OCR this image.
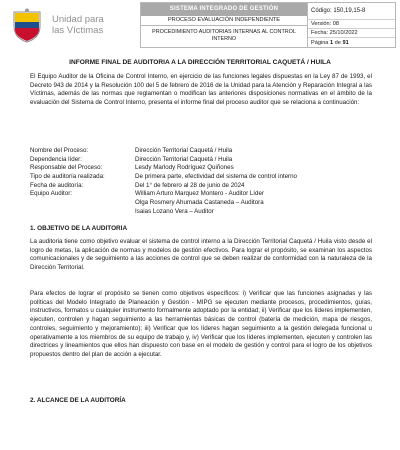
Unidad para
las Víctimas
SISTEMA INTEGRADO DE GESTIÓN
PROCESO EVALUACIÓN INDEPENDIENTE
PROCEDIMIENTO AUDITORIAS INTERNAS AL CONTROL INTERNO
Código: 150,19,15-8
Versión: 08
Fecha: 25/10/2022
Página 1 de 91
INFORME FINAL DE AUDITORIA A LA DIRECCIÓN TERRITORIAL CAQUETÁ / HUILA
El Equipo Auditor de la Oficina de Control Interno, en ejercicio de las funciones legales dispuestas en la Ley 87 de 1993, el Decreto 943 de 2014 y la Resolución 100 del 5 de febrero de 2016 de la Unidad para la Atención y Reparación Integral a las Víctimas, además de las normas que reglamentan o modifican las anteriores disposiciones normativas en el ámbito de la evaluación del Sistema de Control Interno, presenta el informe final del proceso auditor que se relaciona a continuación:
Nombre del Proceso:	Dirección Territorial Caquetá / Huila
Dependencia líder:	Dirección Territorial Caquetá / Huila
Responsable del Proceso:	Lesdy Marlody Rodríguez Quiñones
Tipo de auditoría realizada:	De primera parte, efectividad del sistema de control interno
Fecha de auditoría:	Del 1° de febrero al 28 de junio de 2024
Equipo Auditor:	William Arturo Marquez Montero - Auditor Líder
Olga Rosmery Ahumada Castaneda – Auditora
Isaias Lozano Vera – Auditor
1. OBJETIVO DE LA AUDITORIA
La auditoria tiene como objetivo evaluar el sistema de control interno a la Dirección Territorial Caquetá / Huila visto desde el logro de metas, la aplicación de normas y modelos de gestión efectivos. Para lograr el propósito, se examinan los aspectos comunicacionales y de seguimiento a las acciones de control que se deben realizar de conformidad con la naturaleza de la Dirección Territorial.
Para efectos de lograr el propósito se tienen como objetivos específicos: i) Verificar que las funciones asignadas y las políticas del Modelo Integrado de Planeación y Gestión - MIPG se ejecuten mediante procesos, procedimientos, guías, instructivos, formatos u cualquier instrumento formalmente adoptado por la entidad; ii) Verificar que los líderes implementen, ejecuten, controlen y hagan seguimiento a las herramientas básicas de control (batería de medición, mapa de riesgos, controles, seguimiento y mejoramiento); iii) Verificar que los líderes hagan seguimiento a la gestión delegada funcional u operativamente a los miembros de su equipo de trabajo y, iv) Verificar que los líderes implementen, ejecuten y controlen las directrices y lineamientos que ellos han dispuesto con base en el modelo de gestión y control para el logro de los objetivos propuestos dentro del plan de acción a ejecutar.
2. ALCANCE DE LA AUDITORÍA
